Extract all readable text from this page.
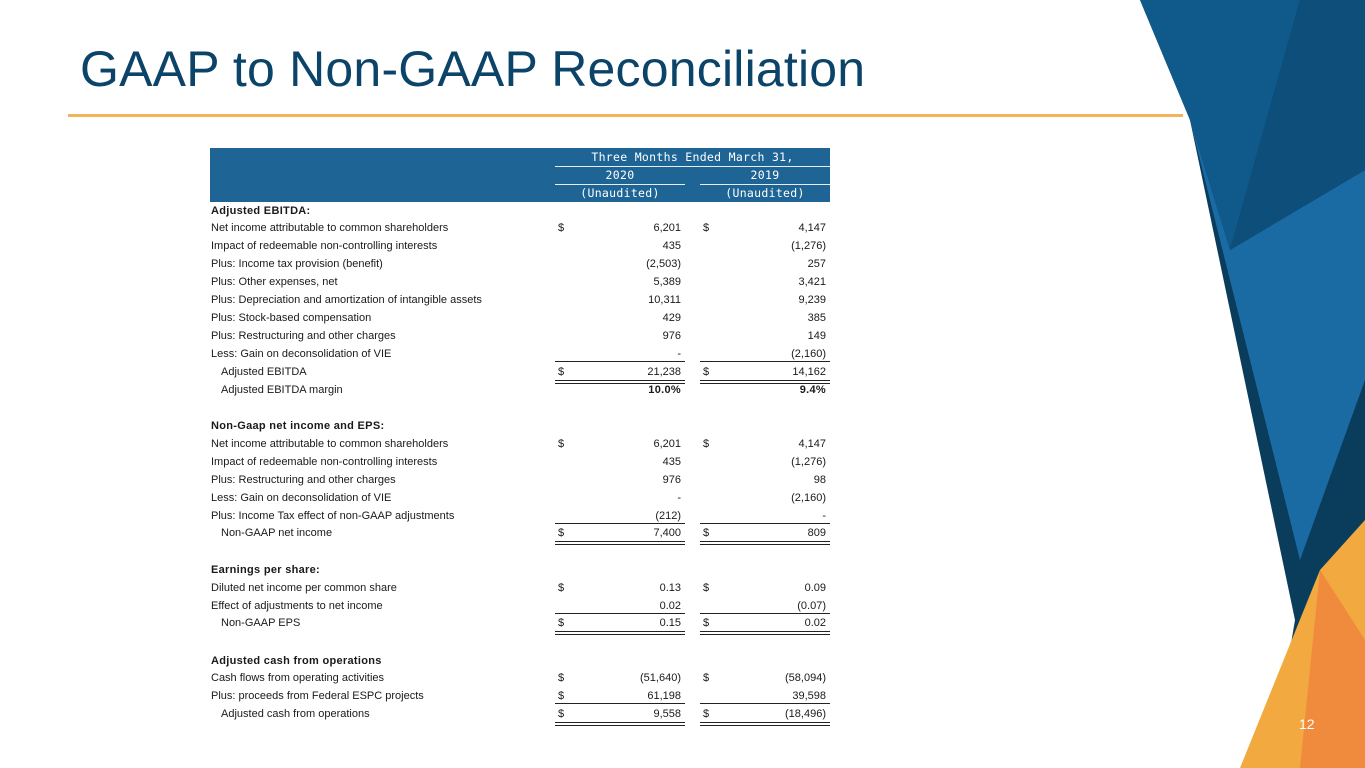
GAAP to Non-GAAP Reconciliation
12
Three Months Ended March 31,
2020	2019
(Unaudited)	(Unaudited)
Adjusted EBITDA:
Net income attributable to common shareholders	$	6,201 $	4,147
Impact of redeemable non-controlling interests	435	(1,276)
Plus: Income tax provision (benefit)	(2,503)	257
Plus: Other expenses, net	5,389	3,421
Plus: Depreciation and amortization of intangible assets	10,311	9,239
Plus: Stock-based compensation	429	385
Plus: Restructuring and other charges	976	149
Less: Gain on deconsolidation of VIE	-	(2,160)
Adjusted EBITDA	$	21,238 $	14,162
Adjusted EBITDA margin	10.0%	9.4%
Non-Gaap net income and EPS:
Net income attributable to common shareholders	$	6,201 $	4,147
Impact of redeemable non-controlling interests	435	(1,276)
Plus: Restructuring and other charges	976	98
Less: Gain on deconsolidation of VIE	-	(2,160)
Plus: Income Tax effect of non-GAAP adjustments	(212)	-
Non-GAAP net income	$	7,400 $	809
Earnings per share:
Diluted net income per common share	$	0.13 $	0.09
Effect of adjustments to net income	0.02	(0.07)
Non-GAAP EPS	$	0.15 $	0.02
Adjusted cash from operations
Cash flows from operating activities	$	(51,640) $	(58,094)
Plus: proceeds from Federal ESPC projects	$	61,198	39,598
Adjusted cash from operations	$	9,558 $	(18,496)
